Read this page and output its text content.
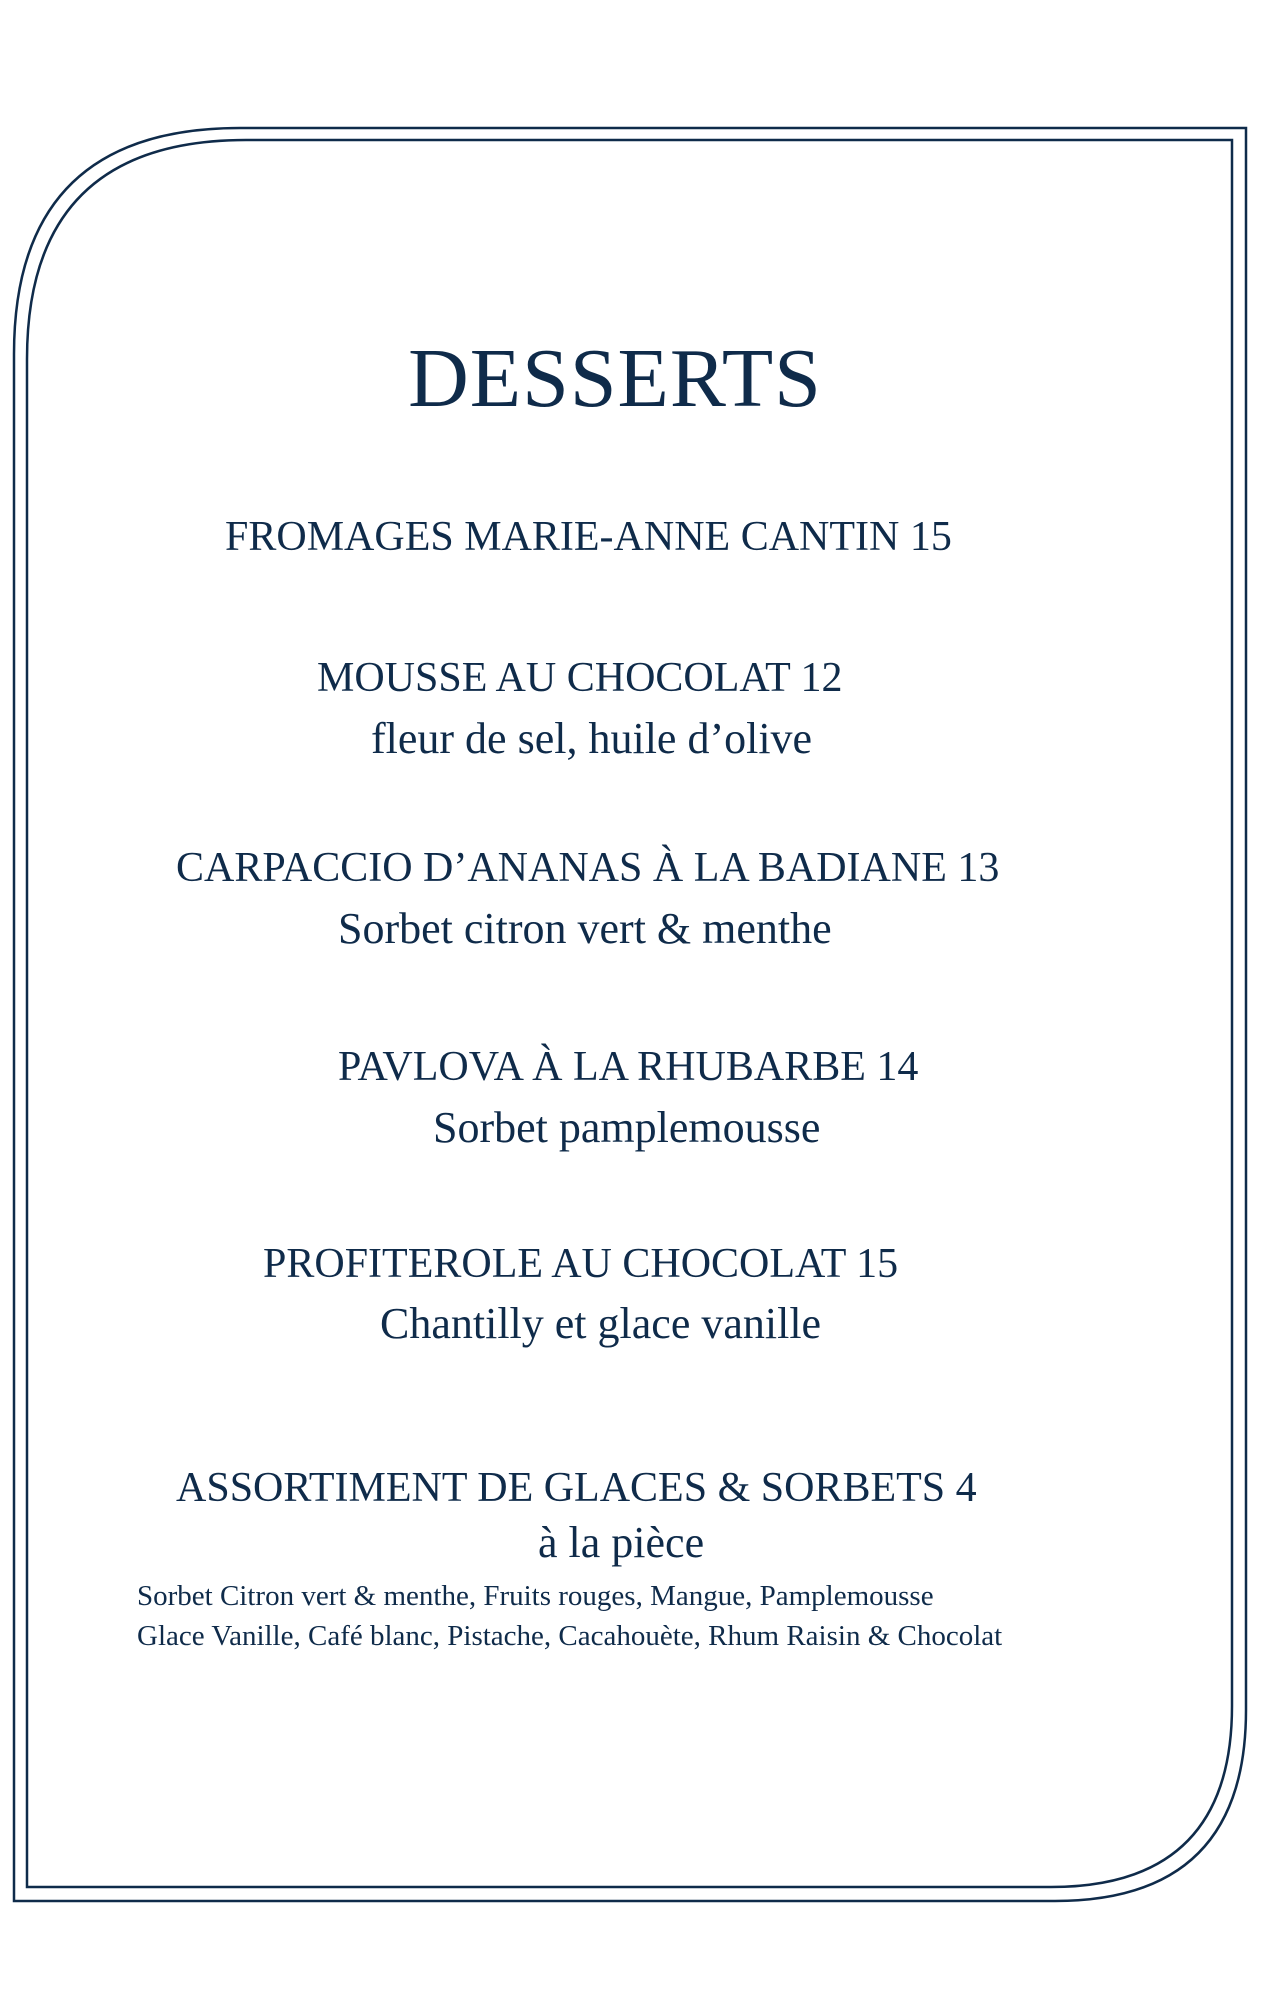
DESSERTS
FROMAGES MARIE-ANNE CANTIN 15
MOUSSE AU CHOCOLAT 12
fleur de sel, huile d’olive
CARPACCIO D’ANANAS À LA BADIANE 13
Sorbet citron vert & menthe
PAVLOVA À LA RHUBARBE 14
Sorbet pamplemousse
PROFITEROLE AU CHOCOLAT 15
Chantilly et glace vanille
ASSORTIMENT DE GLACES & SORBETS 4
à la pièce
Sorbet Citron vert & menthe, Fruits rouges, Mangue, Pamplemousse
Glace Vanille, Café blanc, Pistache, Cacahouète, Rhum Raisin & Chocolat
